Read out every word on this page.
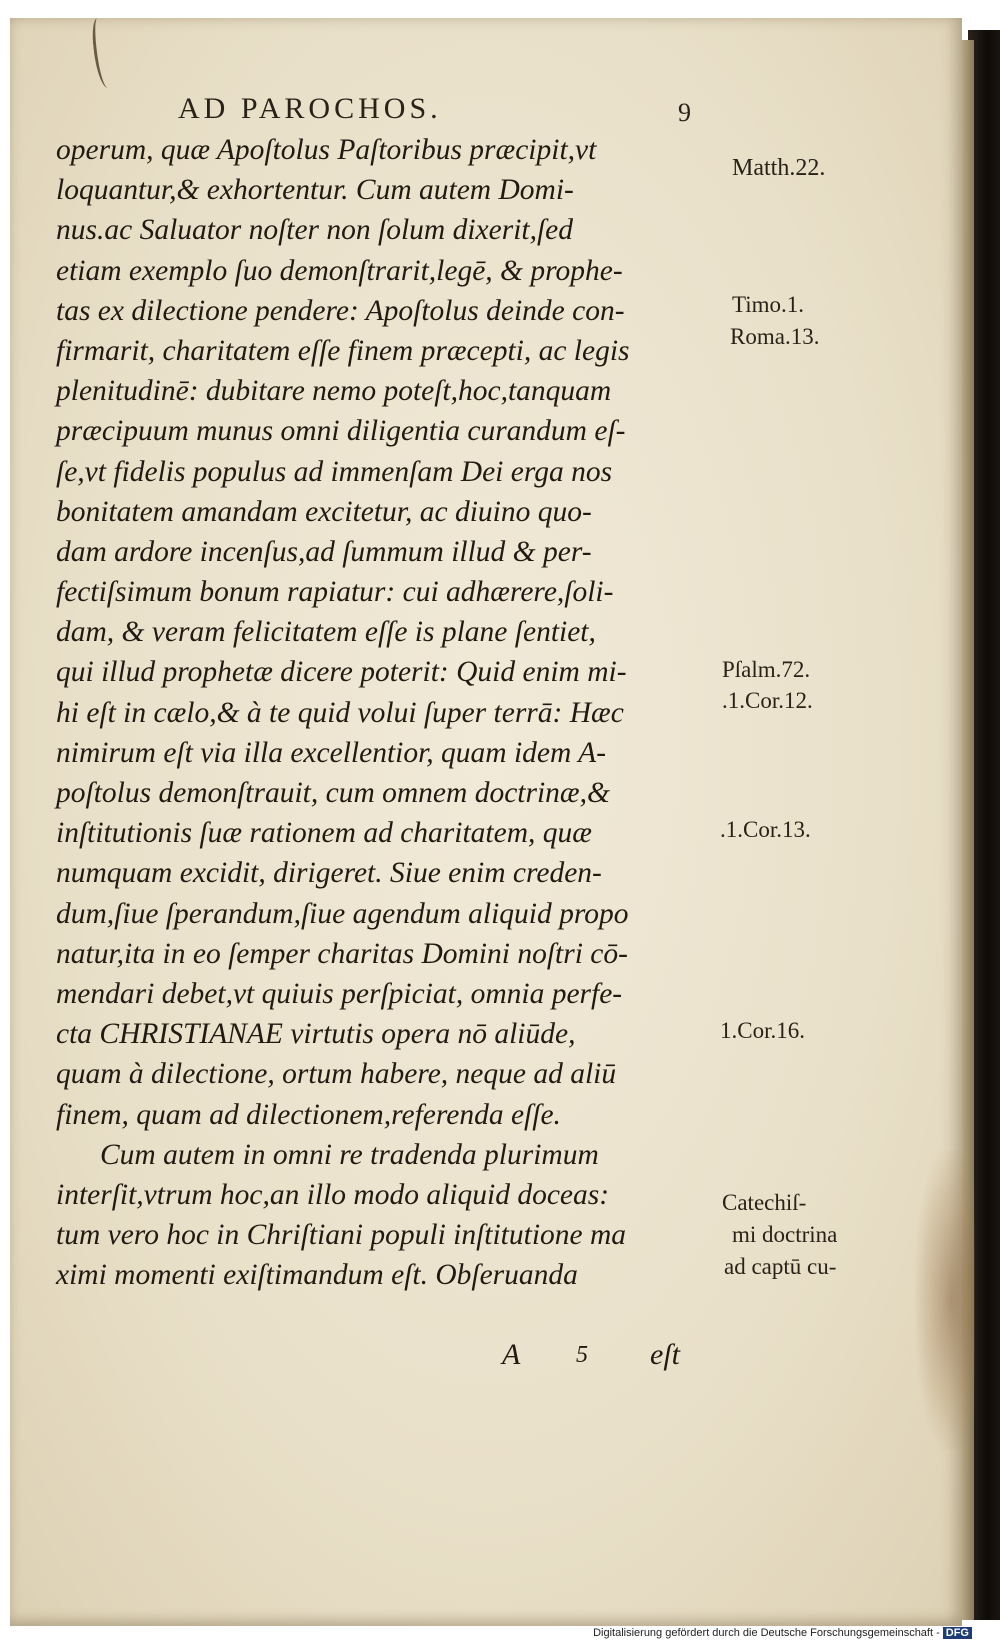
AD PAROCHOS.	9
operum, quæ Apoſtolus Paſtoribus præcipit,vt
loquantur,& exhortentur. Cum autem Domi-
nus.ac Saluator noſter non ſolum dixerit,ſed
etiam exemplo ſuo demonſtrarit,legē, & prophe-
tas ex dilectione pendere: Apoſtolus deinde con-
firmarit, charitatem eſſe finem præcepti, ac legis
plenitudinē: dubitare nemo poteſt,hoc,tanquam
præcipuum munus omni diligentia curandum eſ-
ſe,vt fidelis populus ad immenſam Dei erga nos
bonitatem amandam excitetur, ac diuino quo-
dam ardore incenſus,ad ſummum illud & per-
fectiſsimum bonum rapiatur: cui adhærere,ſoli-
dam, & veram felicitatem eſſe is plane ſentiet,
qui illud prophetæ dicere poterit: Quid enim mi-
hi eſt in cælo,& à te quid volui ſuper terrā: Hæc
nimirum eſt via illa excellentior, quam idem A-
poſtolus demonſtrauit, cum omnem doctrinæ,&
inſtitutionis ſuæ rationem ad charitatem, quæ
numquam excidit, dirigeret. Siue enim creden-
dum,ſiue ſperandum,ſiue agendum aliquid propo
natur,ita in eo ſemper charitas Domini noſtri cō-
mendari debet,vt quiuis perſpiciat, omnia perfe-
cta CHRISTIANAE virtutis opera nō aliūde,
quam à dilectione, ortum habere, neque ad aliū
finem, quam ad dilectionem,referenda eſſe.
Cum autem in omni re tradenda plurimum
interſit,vtrum hoc,an illo modo aliquid doceas:
tum vero hoc in Chriſtiani populi inſtitutione ma
ximi momenti exiſtimandum eſt. Obſeruanda
A 5 eſt
Matth.22.
Timo.1.
Roma.13.
Pſalm.72.
.1.Cor.12.
.1.Cor.13.
1.Cor.16.
Catechiſ-
mi doctrina
ad captū cu-
Digitalisierung gefördert durch die Deutsche Forschungsgemeinschaft - DFG
